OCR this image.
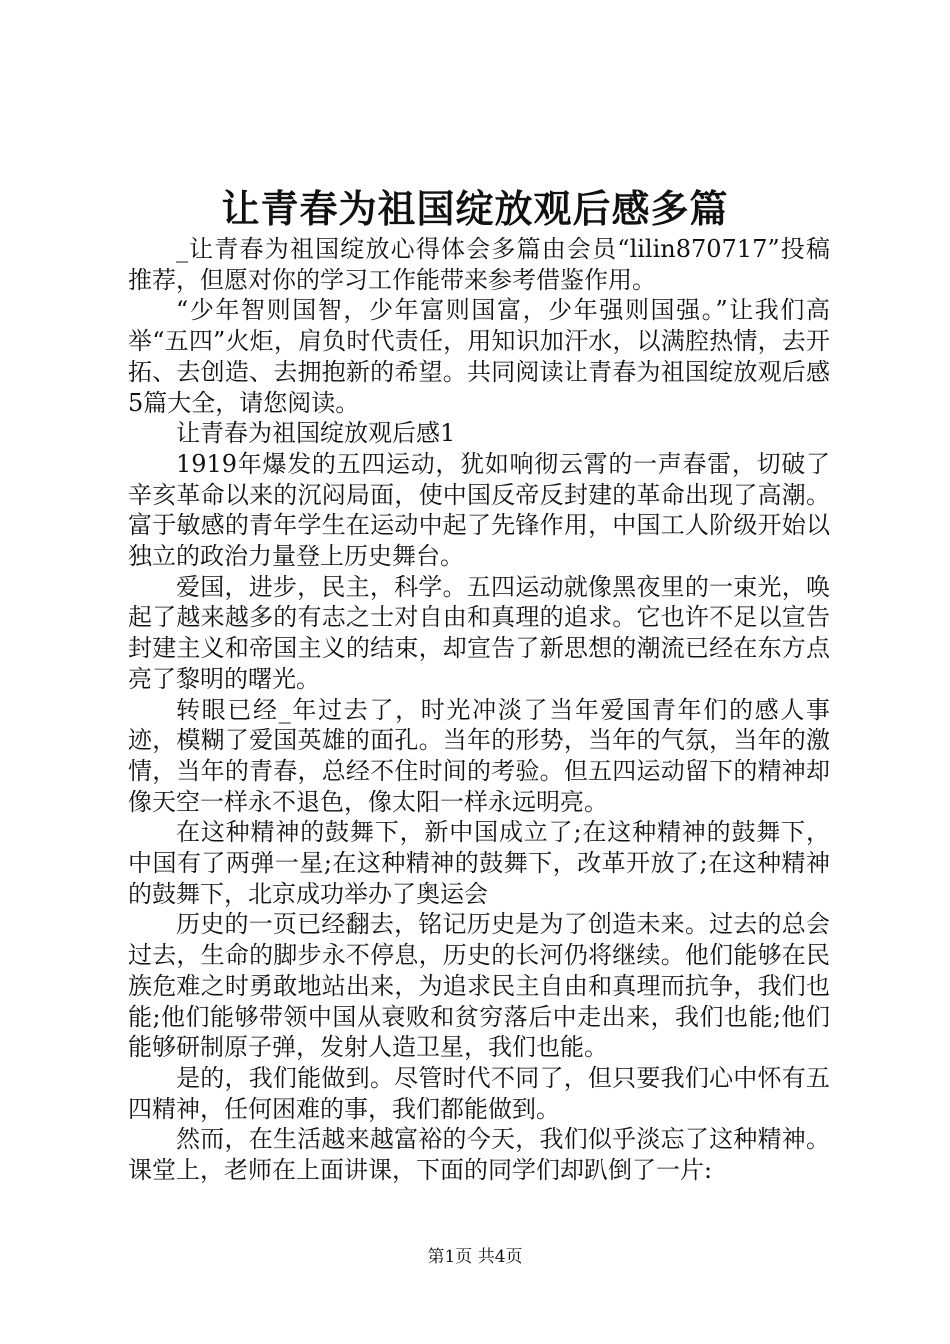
让青春为祖国绽放观后感多篇

_让青春为祖国绽放心得体会多篇由会员“lilin870717”投稿推荐，但愿对你的学习工作能带来参考借鉴作用。

“少年智则国智，少年富则国富，少年强则国强。”让我们高举“五四”火炬，肩负时代责任，用知识加汗水，以满腔热情，去开拓、去创造、去拥抱新的希望。共同阅读让青春为祖国绽放观后感5篇大全，请您阅读。

让青春为祖国绽放观后感1

1919年爆发的五四运动，犹如响彻云霄的一声春雷，切破了辛亥革命以来的沉闷局面，使中国反帝反封建的革命出现了高潮。富于敏感的青年学生在运动中起了先锋作用，中国工人阶级开始以独立的政治力量登上历史舞台。

爱国，进步，民主，科学。五四运动就像黑夜里的一束光，唤起了越来越多的有志之士对自由和真理的追求。它也许不足以宣告封建主义和帝国主义的结束，却宣告了新思想的潮流已经在东方点亮了黎明的曙光。

转眼已经_年过去了，时光冲淡了当年爱国青年们的感人事迹，模糊了爱国英雄的面孔。当年的形势，当年的气氛，当年的激情，当年的青春，总经不住时间的考验。但五四运动留下的精神却像天空一样永不退色，像太阳一样永远明亮。

在这种精神的鼓舞下，新中国成立了;在这种精神的鼓舞下，中国有了两弹一星;在这种精神的鼓舞下，改革开放了;在这种精神的鼓舞下，北京成功举办了奥运会

历史的一页已经翻去，铭记历史是为了创造未来。过去的总会过去，生命的脚步永不停息，历史的长河仍将继续。他们能够在民族危难之时勇敢地站出来，为追求民主自由和真理而抗争，我们也能;他们能够带领中国从衰败和贫穷落后中走出来，我们也能;他们能够研制原子弹，发射人造卫星，我们也能。

是的，我们能做到。尽管时代不同了，但只要我们心中怀有五四精神，任何困难的事，我们都能做到。

然而，在生活越来越富裕的今天，我们似乎淡忘了这种精神。课堂上，老师在上面讲课，下面的同学们却趴倒了一片:

第1页 共4页
